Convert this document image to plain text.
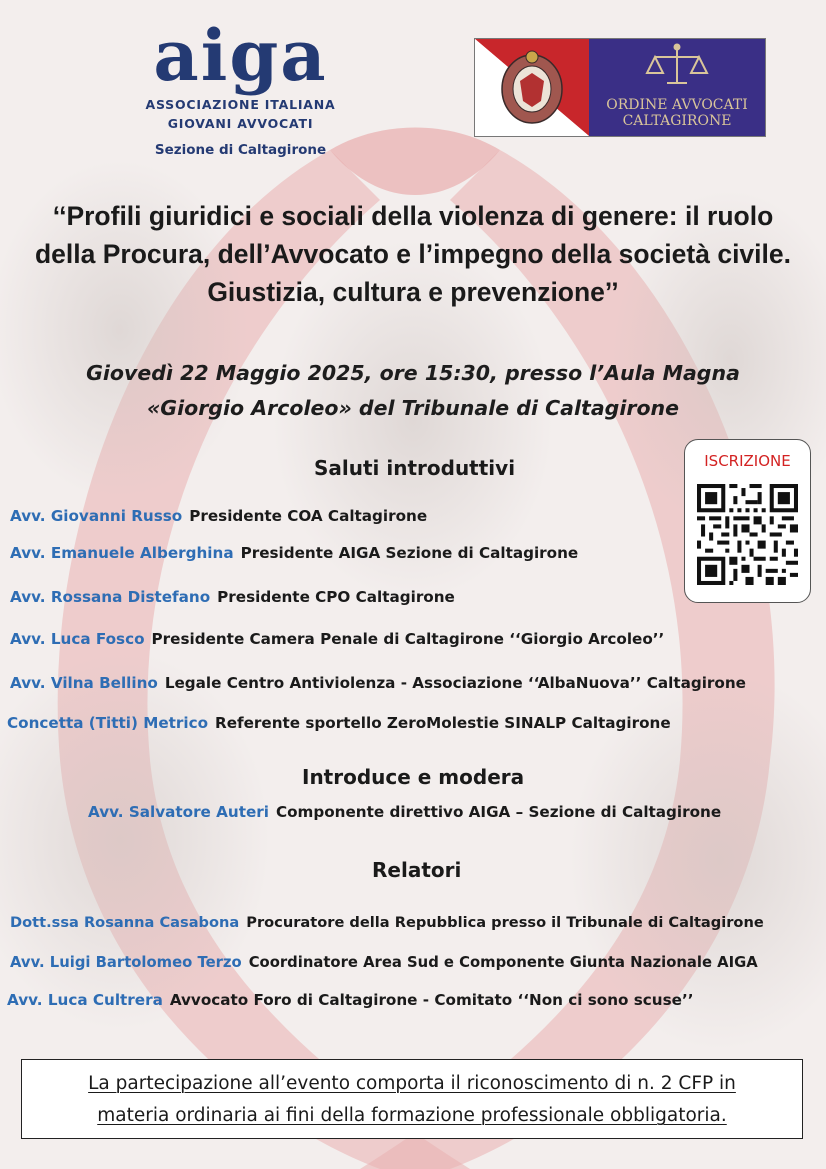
aiga
ASSOCIAZIONE ITALIANA
GIOVANI AVVOCATI
Sezione di Caltagirone
ORDINE AVVOCATI
CALTAGIRONE
‘‘Profili giuridici e sociali della violenza di genere: il ruolo
della Procura, dell’Avvocato e l’impegno della società civile.
Giustizia, cultura e prevenzione’’
Giovedì 22 Maggio 2025, ore 15:30, presso l’Aula Magna
«Giorgio Arcoleo» del Tribunale di Caltagirone
ISCRIZIONE
Saluti introduttivi
Avv. Giovanni Russo Presidente COA Caltagirone
Avv. Emanuele Alberghina Presidente AIGA Sezione di Caltagirone
Avv. Rossana Distefano Presidente CPO Caltagirone
Avv. Luca Fosco Presidente Camera Penale di Caltagirone ‘‘Giorgio Arcoleo’’
Avv. Vilna Bellino Legale Centro Antiviolenza - Associazione ‘‘AlbaNuova’’ Caltagirone
Concetta (Titti) Metrico Referente sportello ZeroMolestie SINALP Caltagirone
Introduce e modera
Avv. Salvatore Auteri Componente direttivo AIGA – Sezione di Caltagirone
Relatori
Dott.ssa Rosanna Casabona Procuratore della Repubblica presso il Tribunale di Caltagirone
Avv. Luigi Bartolomeo Terzo Coordinatore Area Sud e Componente Giunta Nazionale AIGA
Avv. Luca Cultrera Avvocato Foro di Caltagirone - Comitato ‘‘Non ci sono scuse’’
La partecipazione all’evento comporta il riconoscimento di n. 2 CFP in
materia ordinaria ai fini della formazione professionale obbligatoria.
